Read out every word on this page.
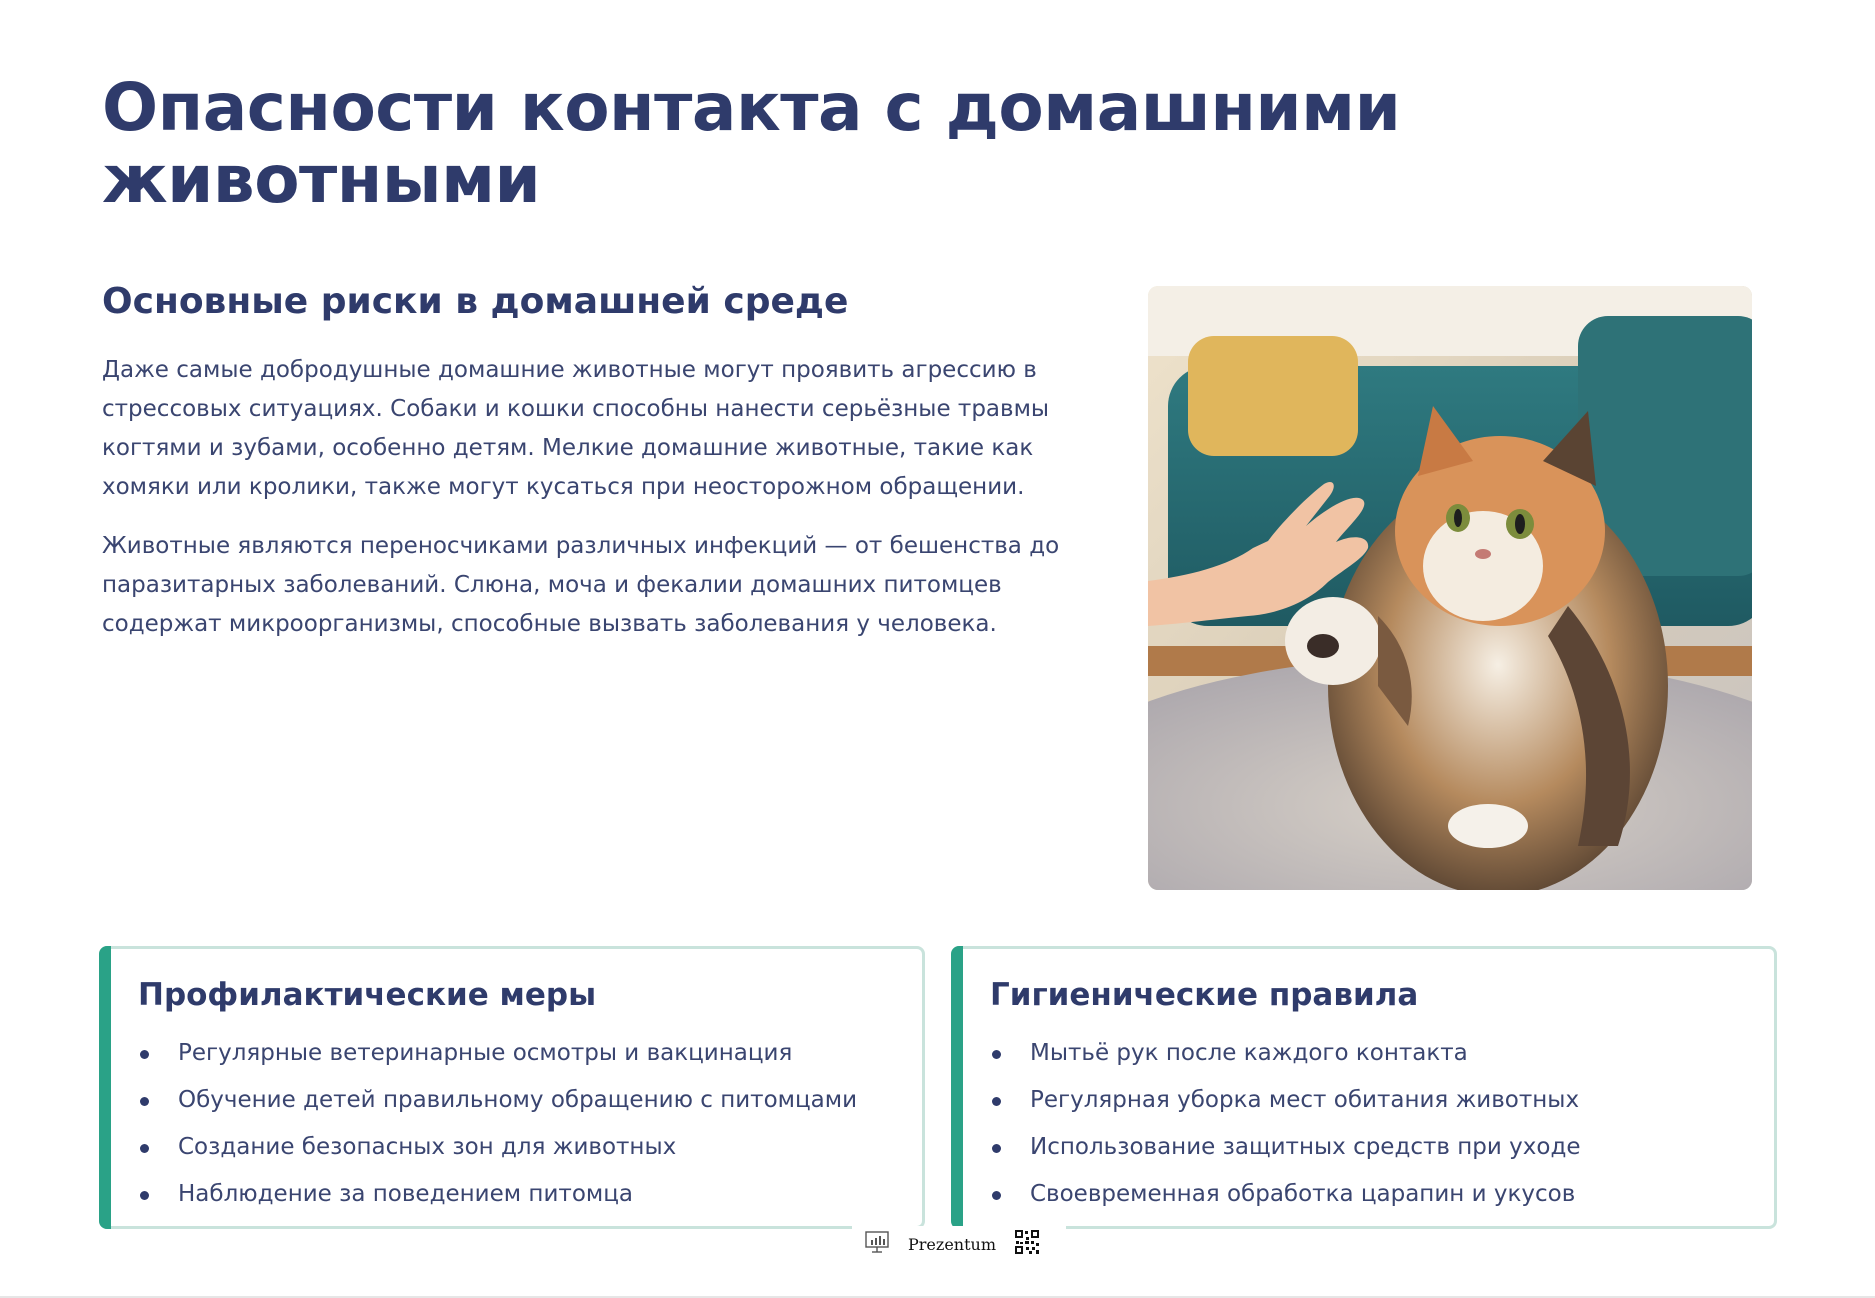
Опасности контакта с домашними животными
Основные риски в домашней среде

Даже самые добродушные домашние животные могут проявить агрессию в стрессовых ситуациях. Собаки и кошки способны нанести серьёзные травмы когтями и зубами, особенно детям. Мелкие домашние животные, такие как хомяки или кролики, также могут кусаться при неосторожном обращении.

Животные являются переносчиками различных инфекций — от бешенства до паразитарных заболеваний. Слюна, моча и фекалии домашних питомцев содержат микроорганизмы, способные вызвать заболевания у человека.

Профилактические меры
Регулярные ветеринарные осмотры и вакцинация
Обучение детей правильному обращению с питомцами
Создание безопасных зон для животных
Наблюдение за поведением питомца
Гигиенические правила
Мытьё рук после каждого контакта
Регулярная уборка мест обитания животных
Использование защитных средств при уходе
Своевременная обработка царапин и укусов
Prezentum
